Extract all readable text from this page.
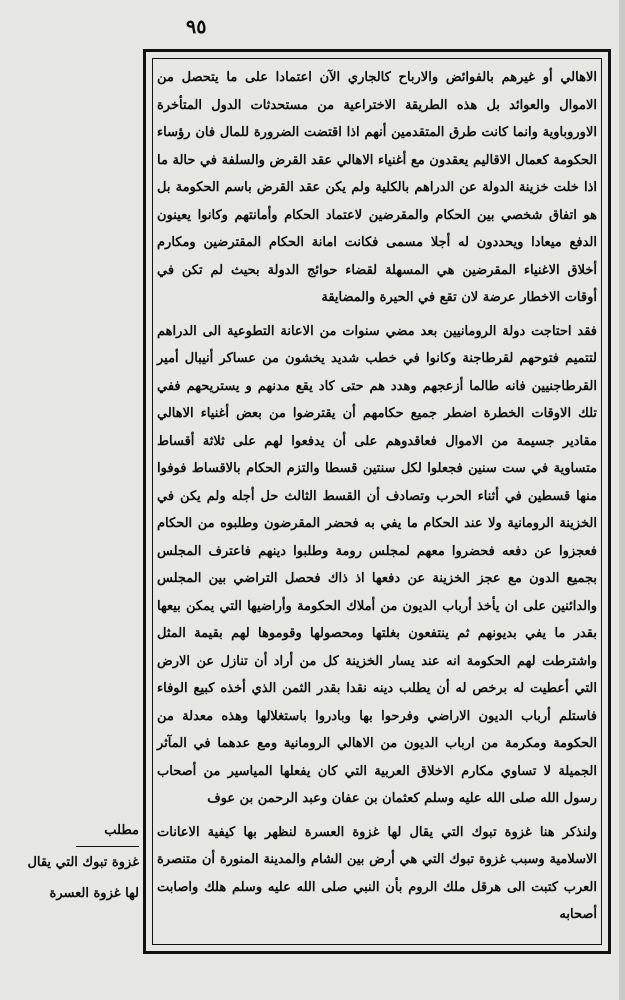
٩٥
مطلب
غزوة تبوك التي يقال
لها غزوة العسرة

الاهالي أو غيرهم بالفوائض والارباح كالجاري الآن اعتمادا على ما يتحصل من الاموال والعوائد بل هذه الطريقة الاختراعية من مستحدثات الدول المتأخرة الاوروباوية وانما كانت طرق المتقدمين أنهم اذا اقتضت الضرورة للمال فان رؤساء الحكومة كعمال الاقاليم يعقدون مع أغنياء الاهالي عقد القرض والسلفة في حالة ما اذا خلت خزينة الدولة عن الدراهم بالكلية ولم يكن عقد القرض باسم الحكومة بل هو اتفاق شخصي بين الحكام والمقرضين لاعتماد الحكام وأمانتهم وكانوا يعينون الدفع ميعادا ويحددون له أجلا مسمى فكانت امانة الحكام المقترضين ومكارم أخلاق الاغنياء المقرضين هي المسهلة لقضاء حوائج الدولة بحيث لم تكن في أوقات الاخطار عرضة لان تقع في الحيرة والمضايقة

فقد احتاجت دولة الرومانيين بعد مضي سنوات من الاعانة التطوعية الى الدراهم لتتميم فتوحهم لقرطاجنة وكانوا في خطب شديد يخشون من عساكر أنيبال أمير القرطاجنيين فانه طالما أزعجهم وهدد هم حتى كاد يقع مدنهم و يستريحهم ففي تلك الاوقات الخطرة اضطر جميع حكامهم أن يقترضوا من بعض أغنياء الاهالي مقادير جسيمة من الاموال فعاقدوهم على أن يدفعوا لهم على ثلاثة أقساط متساوية في ست سنين فجعلوا لكل سنتين قسطا والتزم الحكام بالاقساط فوفوا منها قسطين في أثناء الحرب وتصادف أن القسط الثالث حل أجله ولم يكن في الخزينة الرومانية ولا عند الحكام ما يفي به فحضر المقرضون وطلبوه من الحكام فعجزوا عن دفعه فحضروا معهم لمجلس رومة وطلبوا دينهم فاعترف المجلس بجميع الدون مع عجز الخزينة عن دفعها اذ ذاك فحصل التراضي بين المجلس والدائنين على ان يأخذ أرباب الديون من أملاك الحكومة وأراضيها التي يمكن بيعها بقدر ما يفي بديونهم ثم ينتفعون بغلتها ومحصولها وقوموها لهم بقيمة المثل واشترطت لهم الحكومة انه عند يسار الخزينة كل من أراد أن تنازل عن الارض التي أعطيت له برخص له أن يطلب دينه نقدا بقدر الثمن الذي أخذه كبيع الوفاء فاستلم أرباب الديون الاراضي وفرحوا بها وبادروا باستغلالها وهذه معدلة من الحكومة ومكرمة من ارباب الديون من الاهالي الرومانية ومع عدهما في المآثر الجميلة لا تساوي مكارم الاخلاق العربية التي كان يفعلها المياسير من أصحاب رسول الله صلى الله عليه وسلم كعثمان بن عفان وعبد الرحمن بن عوف

ولنذكر هنا غزوة تبوك التي يقال لها غزوة العسرة لنظهر بها كيفية الاعانات الاسلامية وسبب غزوة تبوك التي هي أرض بين الشام والمدينة المنورة أن متنصرة العرب كتبت الى هرقل ملك الروم بأن النبي صلى الله عليه وسلم هلك واصابت أصحابه
